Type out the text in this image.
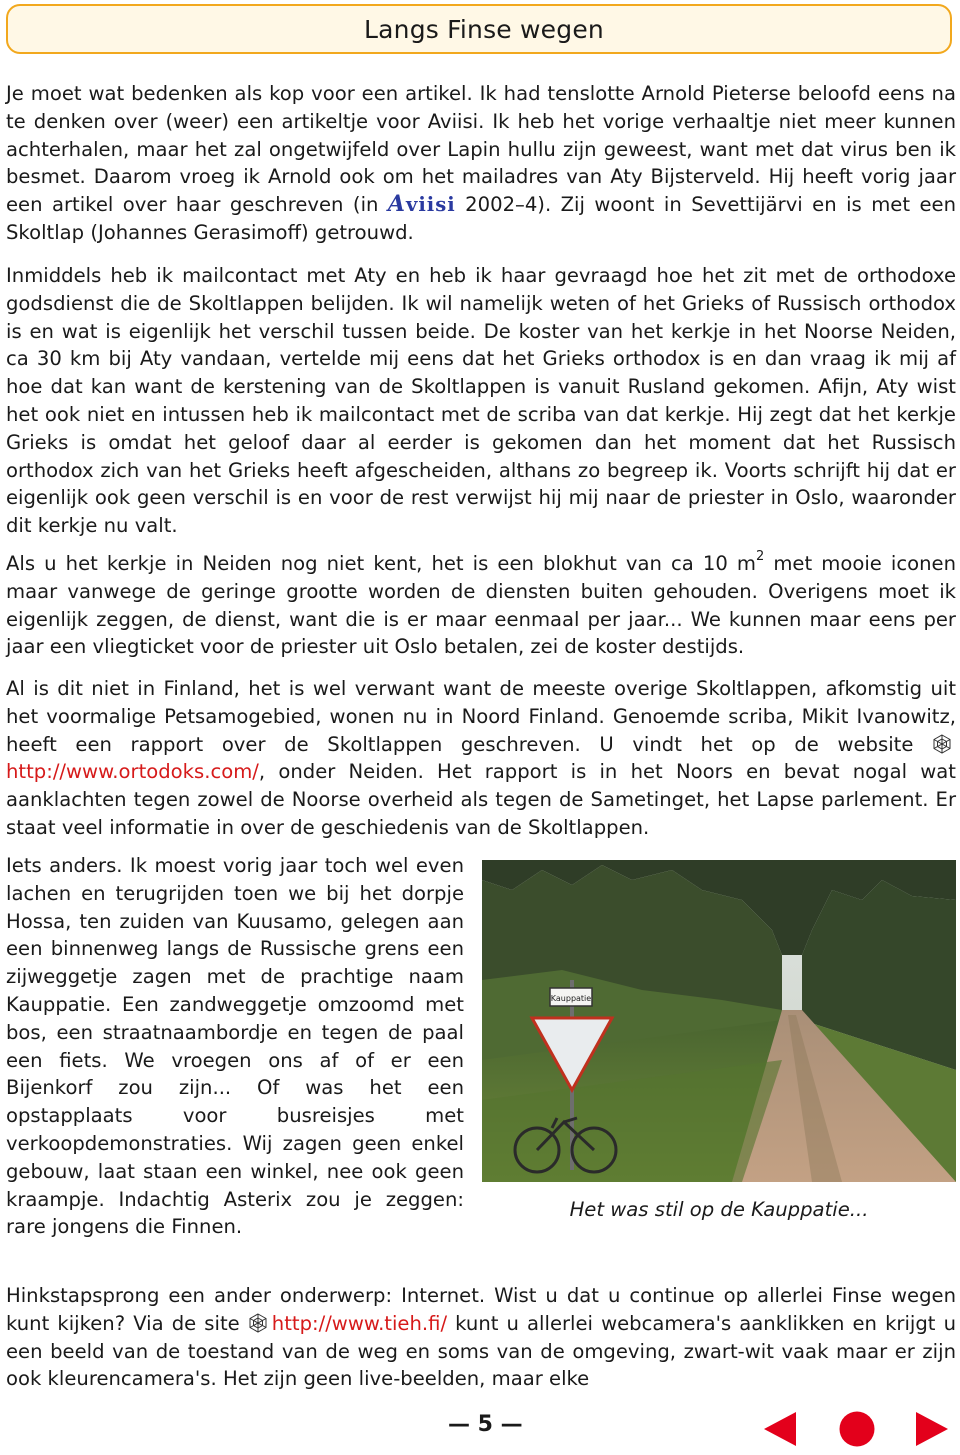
Langs Finse wegen

Je moet wat bedenken als kop voor een artikel. Ik had tenslotte Arnold Pieterse beloofd eens na te denken over (weer) een artikeltje voor Aviisi. Ik heb het vorige verhaaltje niet meer kunnen achterhalen, maar het zal ongetwijfeld over Lapin hullu zijn geweest, want met dat virus ben ik besmet. Daarom vroeg ik Arnold ook om het mailadres van Aty Bijsterveld. Hij heeft vorig jaar een artikel over haar geschreven (in Aviisi 2002–4). Zij woont in Sevettijärvi en is met een Skoltlap (Johannes Gerasimoff) getrouwd.

Inmiddels heb ik mailcontact met Aty en heb ik haar gevraagd hoe het zit met de orthodoxe godsdienst die de Skoltlappen belijden. Ik wil namelijk weten of het Grieks of Russisch orthodox is en wat is eigenlijk het verschil tussen beide. De koster van het kerkje in het Noorse Neiden, ca 30 km bij Aty vandaan, vertelde mij eens dat het Grieks orthodox is en dan vraag ik mij af hoe dat kan want de kerstening van de Skoltlappen is vanuit Rusland gekomen. Afijn, Aty wist het ook niet en intussen heb ik mailcontact met de scriba van dat kerkje. Hij zegt dat het kerkje Grieks is omdat het geloof daar al eerder is gekomen dan het moment dat het Russisch orthodox zich van het Grieks heeft afgescheiden, althans zo begreep ik. Voorts schrijft hij dat er eigenlijk ook geen verschil is en voor de rest verwijst hij mij naar de priester in Oslo, waaronder dit kerkje nu valt.

Als u het kerkje in Neiden nog niet kent, het is een blokhut van ca 10 $m^2$ met mooie iconen maar vanwege de geringe grootte worden de diensten buiten gehouden. Overigens moet ik eigenlijk zeggen, de dienst, want die is er maar eenmaal per jaar... We kunnen maar eens per jaar een vliegticket voor de priester uit Oslo betalen, zei de koster destijds.

Al is dit niet in Finland, het is wel verwant want de meeste overige Skoltlappen, afkomstig uit het voormalige Petsamogebied, wonen nu in Noord Finland. Genoemde scriba, Mikit Ivanowitz, heeft een rapport over de Skoltlappen geschreven. U vindt het op de website http://www.ortodoks.com/, onder Neiden. Het rapport is in het Noors en bevat nogal wat aanklachten tegen zowel de Noorse overheid als tegen de Sametinget, het Lapse parlement. Er staat veel informatie in over de geschiedenis van de Skoltlappen.

Iets anders. Ik moest vorig jaar toch wel even lachen en terugrijden toen we bij het dorpje Hossa, ten zuiden van Kuusamo, gelegen aan een binnenweg langs de Russische grens een zijweggetje zagen met de prachtige naam Kauppatie. Een zandweggetje omzoomd met bos, een straatnaambordje en tegen de paal een fiets. We vroegen ons af of er een Bijenkorf zou zijn... Of was het een opstapplaats voor busreisjes met verkoopdemonstraties. Wij zagen geen enkel gebouw, laat staan een winkel, nee ook geen kraampje. Indachtig Asterix zou je zeggen: rare jongens die Finnen.

Kauppatie
Het was stil op de Kauppatie...

Hinkstapsprong een ander onderwerp: Internet. Wist u dat u continue op allerlei Finse wegen kunt kijken? Via de site http://www.tieh.fi/ kunt u allerlei webcamera's aanklikken en krijgt u een beeld van de toestand van de weg en soms van de omgeving, zwart-wit vaak maar er zijn ook kleurencamera's. Het zijn geen live-beelden, maar elke

— 5 —
